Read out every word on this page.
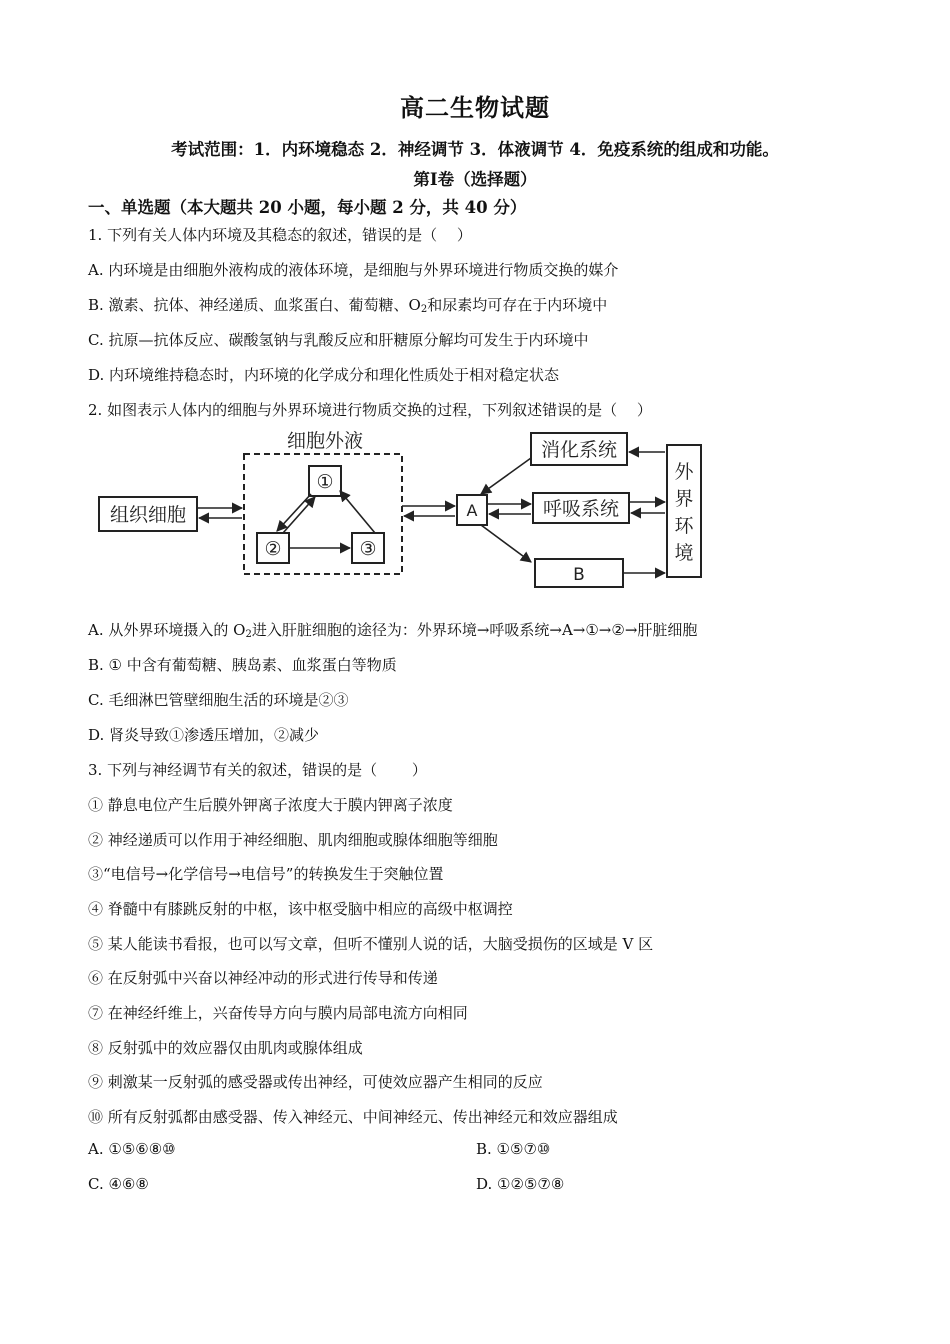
高二生物试题
考试范围：1．内环境稳态 2．神经调节 3．体液调节 4．免疫系统的组成和功能。
第Ⅰ卷（选择题）
一、单选题（本大题共 20 小题，每小题 2 分，共 40 分）
1. 下列有关人体内环境及其稳态的叙述，错误的是（　 ）
A. 内环境是由细胞外液构成的液体环境，是细胞与外界环境进行物质交换的媒介
B. 激素、抗体、神经递质、血浆蛋白、葡萄糖、$O_2$和尿素均可存在于内环境中
C. 抗原—抗体反应、碳酸氢钠与乳酸反应和肝糖原分解均可发生于内环境中
D. 内环境维持稳态时，内环境的化学成分和理化性质处于相对稳定状态
2. 如图表示人体内的细胞与外界环境进行物质交换的过程，下列叙述错误的是（　 ）
细胞外液
组织细胞
①
②	③
A
消化系统
呼吸系统
B
外
界
环
境
A. 从外界环境摄入的 $O_2$进入肝脏细胞的途径为：外界环境→呼吸系统→A→①→②→肝脏细胞
B. ① 中含有葡萄糖、胰岛素、血浆蛋白等物质
C. 毛细淋巴管壁细胞生活的环境是②③
D. 肾炎导致①渗透压增加，②减少
3. 下列与神经调节有关的叙述，错误的是（　 　）
① 静息电位产生后膜外钾离子浓度大于膜内钾离子浓度
② 神经递质可以作用于神经细胞、肌肉细胞或腺体细胞等细胞
③“电信号→化学信号→电信号”的转换发生于突触位置
④ 脊髓中有膝跳反射的中枢，该中枢受脑中相应的高级中枢调控
⑤ 某人能读书看报，也可以写文章，但听不懂别人说的话，大脑受损伤的区域是 V 区
⑥ 在反射弧中兴奋以神经冲动的形式进行传导和传递
⑦ 在神经纤维上，兴奋传导方向与膜内局部电流方向相同
⑧ 反射弧中的效应器仅由肌肉或腺体组成
⑨ 刺激某一反射弧的感受器或传出神经，可使效应器产生相同的反应
⑩ 所有反射弧都由感受器、传入神经元、中间神经元、传出神经元和效应器组成
A. ①⑤⑥⑧⑩	B. ①⑤⑦⑩
C. ④⑥⑧	D. ①②⑤⑦⑧
